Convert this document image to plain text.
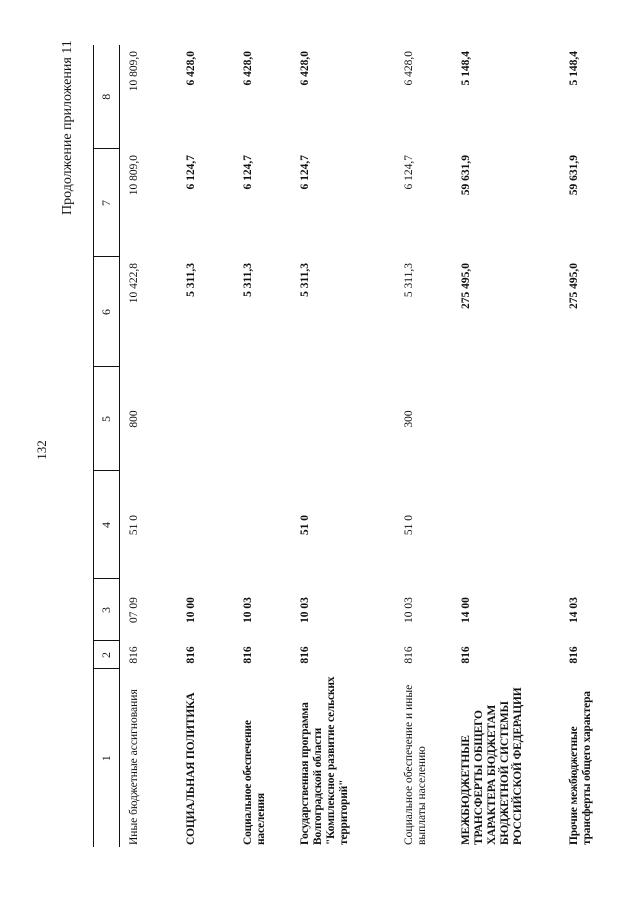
132
Продолжение приложения 11
1	2	3	4	5	6	7	8
Иные бюджетные ассигнования	816	07 09	51 0	800	10 422,8	10 809,0	10 809,0
СОЦИАЛЬНАЯ ПОЛИТИКА	816	10 00			5 311,3	6 124,7	6 428,0
Социальное обеспечение населения	816	10 03			5 311,3	6 124,7	6 428,0
Государственная программа Волгоградской области "Комплексное развитие сельских территорий"	816	10 03	51 0		5 311,3	6 124,7	6 428,0
Социальное обеспечение и иные выплаты населению	816	10 03	51 0	300	5 311,3	6 124,7	6 428,0
МЕЖБЮДЖЕТНЫЕ ТРАНСФЕРТЫ ОБЩЕГО ХАРАКТЕРА БЮДЖЕТАМ БЮДЖЕТНОЙ СИСТЕМЫ РОССИЙСКОЙ ФЕДЕРАЦИИ	816	14 00			275 495,0	59 631,9	5 148,4
Прочие межбюджетные трансферты общего характера	816	14 03			275 495,0	59 631,9	5 148,4
